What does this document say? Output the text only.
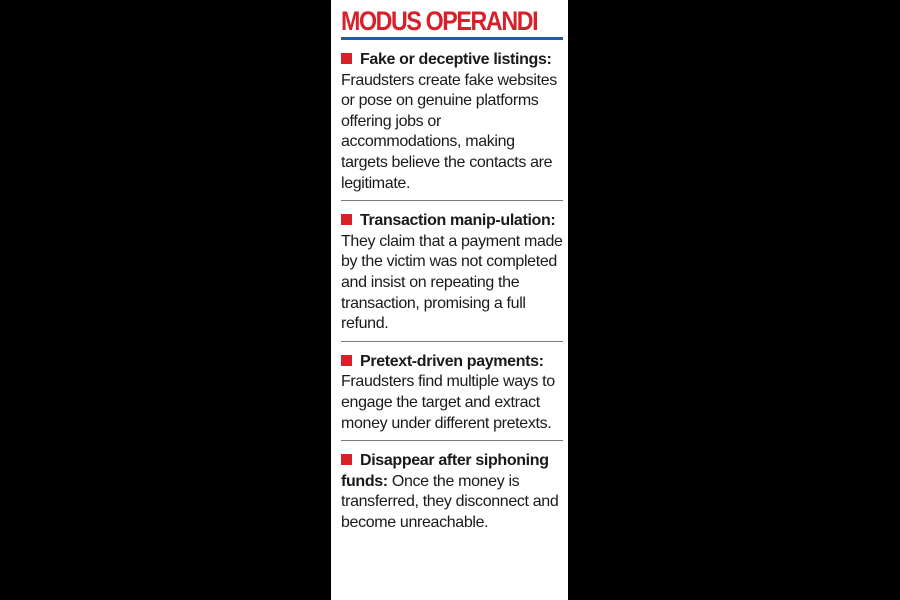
MODUS OPERANDI

Fake or deceptive listings: Fraudsters create fake websites or pose on genuine platforms offering jobs or accommodations, making targets believe the contacts are legitimate.

Transaction manip-ulation: They claim that a payment made by the victim was not completed and insist on repeating the transaction, promising a full refund.

Pretext-driven payments: Fraudsters find multiple ways to engage the target and extract money under different pretexts.

Disappear after siphoning funds: Once the money is transferred, they disconnect and become unreachable.
